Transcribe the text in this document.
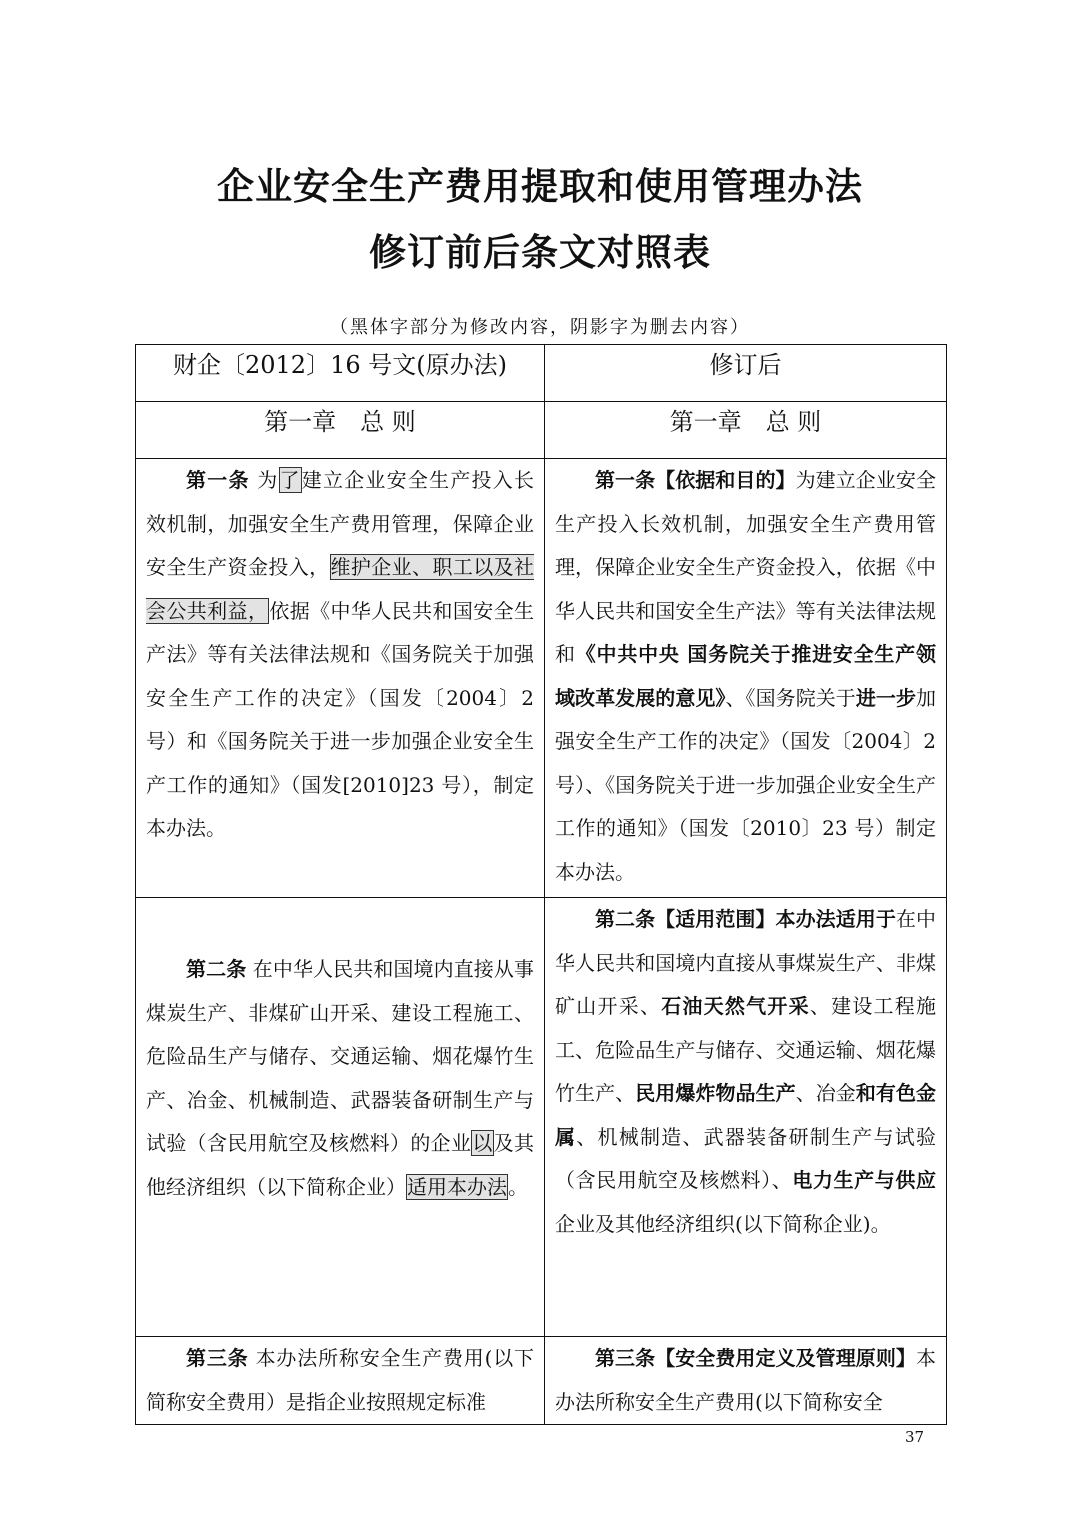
企业安全生产费用提取和使用管理办法
修订前后条文对照表
（黑体字部分为修改内容，阴影字为删去内容）
财企〔2012〕16 号文(原办法)	修订后
第一章　总 则	第一章　总 则

第一条 为了建立企业安全生产投入长效机制，加强安全生产费用管理，保障企业安全生产资金投入，维护企业、职工以及社会公共利益，依据《中华人民共和国安全生产法》等有关法律法规和《国务院关于加强安全生产工作的决定》（国发〔2004〕2 号）和《国务院关于进一步加强企业安全生产工作的通知》（国发[2010]23 号），制定本办法。	第一条【依据和目的】为建立企业安全生产投入长效机制，加强安全生产费用管理，保障企业安全生产资金投入，依据《中华人民共和国安全生产法》等有关法律法规和《中共中央 国务院关于推进安全生产领域改革发展的意见》、《国务院关于进一步加强安全生产工作的决定》（国发〔2004〕2 号）、《国务院关于进一步加强企业安全生产工作的通知》（国发〔2010〕23 号）制定本办法。

第二条 在中华人民共和国境内直接从事煤炭生产、非煤矿山开采、建设工程施工、危险品生产与储存、交通运输、烟花爆竹生产、冶金、机械制造、武器装备研制生产与试验（含民用航空及核燃料）的企业以及其他经济组织（以下简称企业）适用本办法。	第二条【适用范围】本办法适用于在中华人民共和国境内直接从事煤炭生产、非煤矿山开采、石油天然气开采、建设工程施工、危险品生产与储存、交通运输、烟花爆竹生产、民用爆炸物品生产、冶金和有色金属、机械制造、武器装备研制生产与试验（含民用航空及核燃料）、电力生产与供应企业及其他经济组织(以下简称企业)。

第三条 本办法所称安全生产费用(以下简称安全费用）是指企业按照规定标准	第三条【安全费用定义及管理原则】本办法所称安全生产费用(以下简称安全

37
